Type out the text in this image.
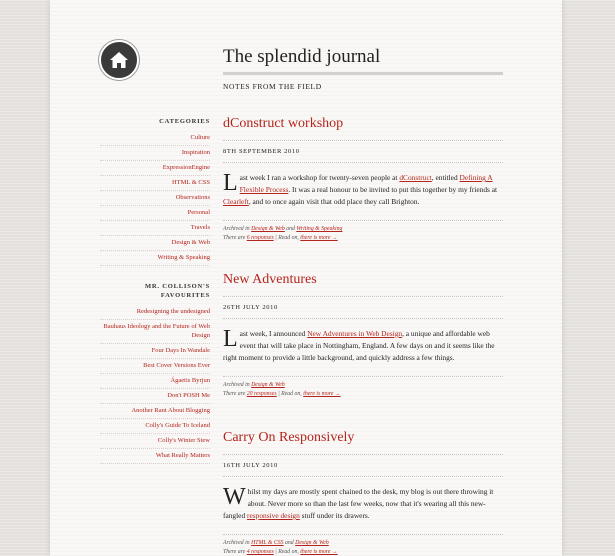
CATEGORIES
Culture
Inspiration
ExpressionEngine
HTML & CSS
Observations
Personal
Travels
Design & Web
Writing & Speaking
MR. COLLISON'S
FAVOURITES
Redesigning the undesigned
Bauhaus Ideology and the Future of Web Design
Four Days In Wandale
Best Cover Versions Ever
Ágaetis Byrjun
Don't POSH Me
Another Rant About Blogging
Colly's Guide To Iceland
Colly's Winter Stew
What Really Matters
The splendid journal
NOTES FROM THE FIELD
dConstruct workshop
8TH SEPTEMBER 2010
Last week I ran a workshop for twenty-seven people at dConstruct, entitled Defining A Flexible Process. It was a real honour to be invited to put this together by my friends at Clearleft, and to once again visit that odd place they call Brighton.
Archived in Design & Web and Writing & Speaking
There are 6 responses | Read on, there is more →
New Adventures
26TH JULY 2010
Last week, I announced New Adventures in Web Design, a unique and affordable web event that will take place in Nottingham, England. A few days on and it seems like the right moment to provide a little background, and quickly address a few things.
Archived in Design & Web
There are 20 responses | Read on, there is more →
Carry On Responsively
16TH JULY 2010
Whilst my days are mostly spent chained to the desk, my blog is out there throwing it about. Never more so than the last few weeks, now that it's wearing all this new-fangled responsive design stuff under its drawers.
Archived in HTML & CSS and Design & Web
There are 4 responses | Read on, there is more →
